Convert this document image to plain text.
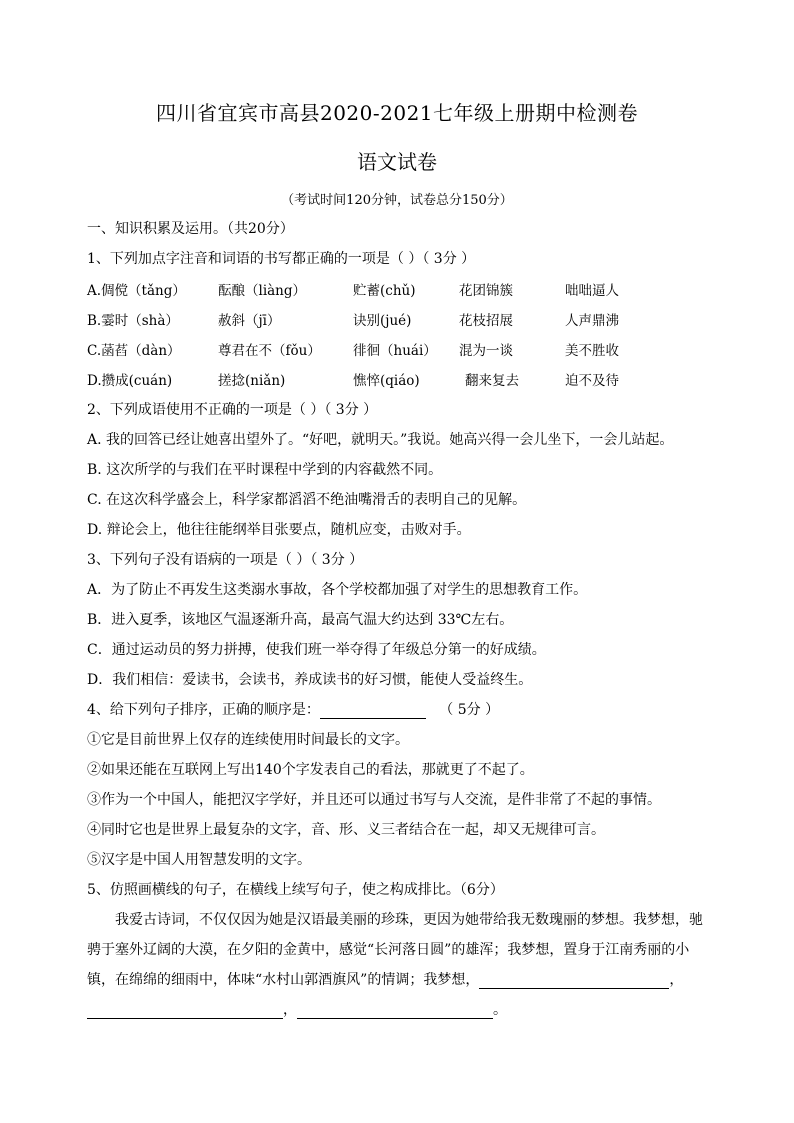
四川省宜宾市高县2020-2021七年级上册期中检测卷
语文试卷
（考试时间120分钟，试卷总分150分）
一、知识积累及运用。（共20分）
1、下列加点字注音和词语的书写都正确的一项是（ ）（ 3分 ）
A.倜傥（tǎng） 酝酿（liàng）	贮蓄(chǔ)	花团锦簇	咄咄逼人
B.霎时（shà）	赦斜（jī）	诀别(jué)	花枝招展	人声鼎沸
C.菡萏（dàn）	尊君在不（fǒu） 徘徊（huái） 混为一谈	美不胜收
D.攒成(cuán)	搓捻(niǎn)	憔悴(qiáo)	翻来复去	迫不及待
2、下列成语使用不正确的一项是（ ）（ 3分 ）
A. 我的回答已经让她喜出望外了。“好吧，就明天。”我说。她高兴得一会儿坐下，一会儿站起。
B. 这次所学的与我们在平时课程中学到的内容截然不同。
C. 在这次科学盛会上，科学家都滔滔不绝油嘴滑舌的表明自己的见解。
D. 辩论会上，他往往能纲举目张要点，随机应变，击败对手。
3、下列句子没有语病的一项是（ ）（ 3分 ）
A．为了防止不再发生这类溺水事故，各个学校都加强了对学生的思想教育工作。
B．进入夏季，该地区气温逐渐升高，最高气温大约达到 33℃左右。
C．通过运动员的努力拼搏，使我们班一举夺得了年级总分第一的好成绩。
D．我们相信：爱读书，会读书，养成读书的好习惯，能使人受益终生。
4、给下列句子排序，正确的顺序是：	（ 5分 ）
①它是目前世界上仅存的连续使用时间最长的文字。
②如果还能在互联网上写出140个字发表自己的看法，那就更了不起了。
③作为一个中国人，能把汉字学好，并且还可以通过书写与人交流，是件非常了不起的事情。
④同时它也是世界上最复杂的文字，音、形、义三者结合在一起，却又无规律可言。
⑤汉字是中国人用智慧发明的文字。
5、仿照画横线的句子，在横线上续写句子，使之构成排比。（6分）
我爱古诗词，不仅仅因为她是汉语最美丽的珍珠，更因为她带给我无数瑰丽的梦想。我梦想，驰
骋于塞外辽阔的大漠，在夕阳的金黄中，感觉“长河落日圆”的雄浑；我梦想，置身于江南秀丽的小
镇，在绵绵的细雨中，体味“水村山郭酒旗风”的情调；我梦想，	，
，	。
